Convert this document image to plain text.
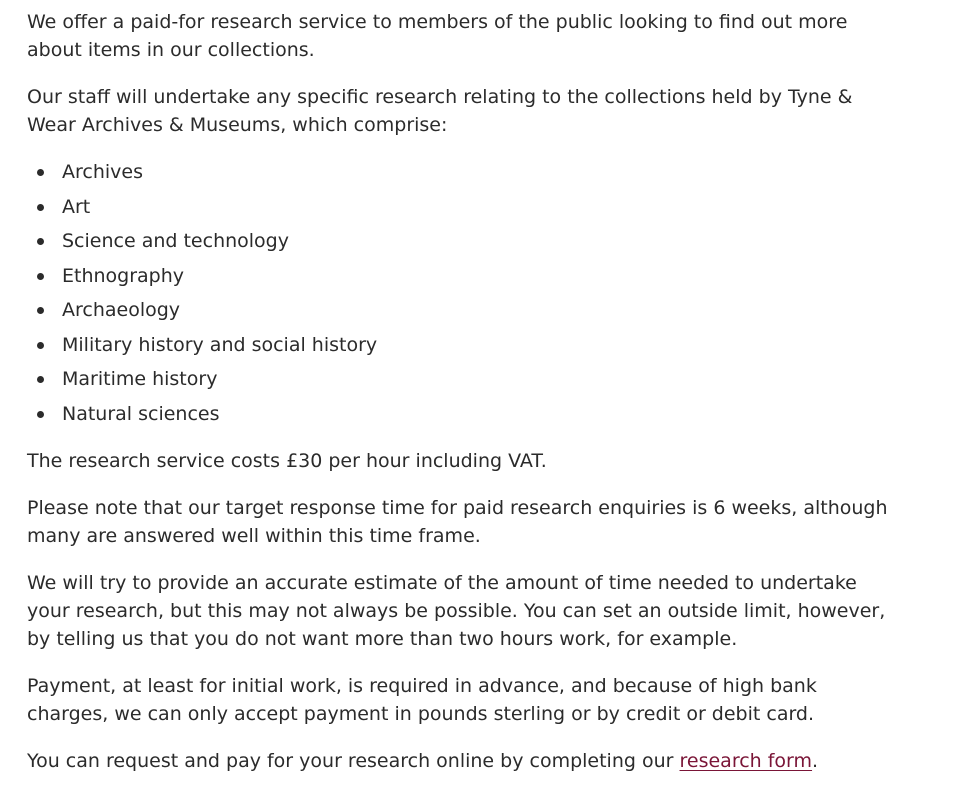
We offer a paid-for research service to members of the public looking to find out more about items in our collections.

Our staff will undertake any specific research relating to the collections held by Tyne & Wear Archives & Museums, which comprise:

Archives
Art
Science and technology
Ethnography
Archaeology
Military history and social history
Maritime history
Natural sciences

The research service costs £30 per hour including VAT.

Please note that our target response time for paid research enquiries is 6 weeks, although many are answered well within this time frame.

We will try to provide an accurate estimate of the amount of time needed to undertake your research, but this may not always be possible. You can set an outside limit, however, by telling us that you do not want more than two hours work, for example.

Payment, at least for initial work, is required in advance, and because of high bank charges, we can only accept payment in pounds sterling or by credit or debit card.

You can request and pay for your research online by completing our research form.
